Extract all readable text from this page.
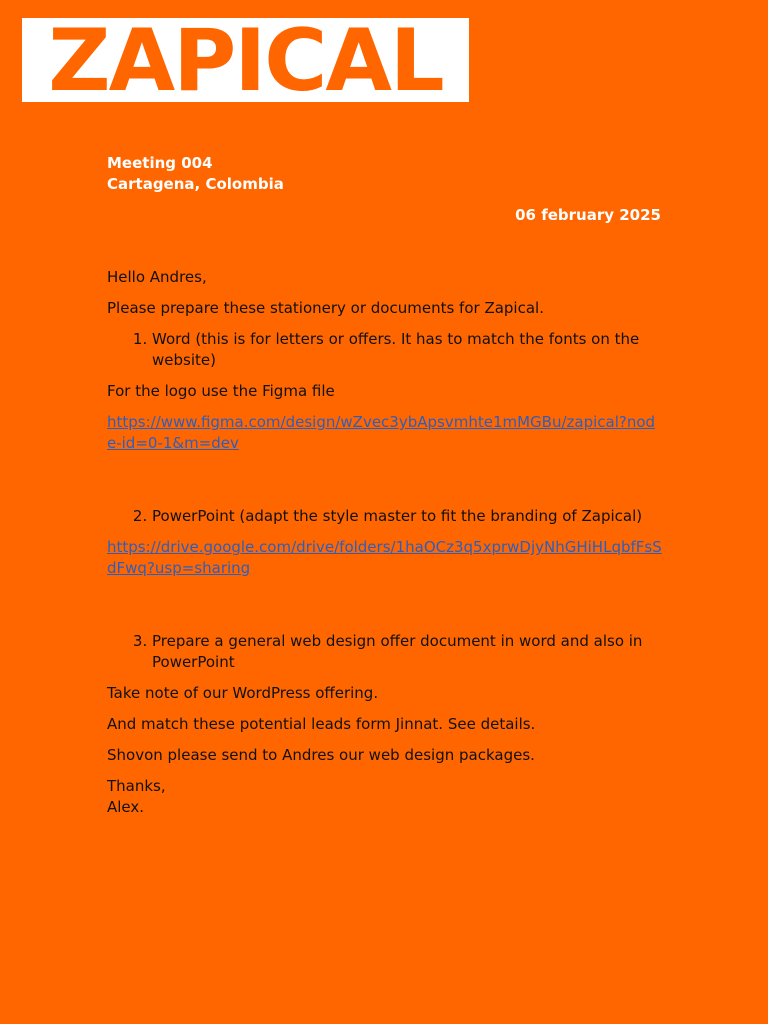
ZAPICAL
Meeting 004
Cartagena, Colombia
06 february 2025

Hello Andres,

Please prepare these stationery or documents for Zapical.

1. Word (this is for letters or offers. It has to match the fonts on the website)

For the logo use the Figma file

https://www.figma.com/design/wZvec3ybApsvmhte1mMGBu/zapical?node-id=0-1&m=dev

2. PowerPoint (adapt the style master to fit the branding of Zapical)

https://drive.google.com/drive/folders/1haOCz3q5xprwDjyNhGHiHLqbfFsSdFwq?usp=sharing

3. Prepare a general web design offer document in word and also in PowerPoint

Take note of our WordPress offering.

And match these potential leads form Jinnat. See details.

Shovon please send to Andres our web design packages.

Thanks,
Alex.
